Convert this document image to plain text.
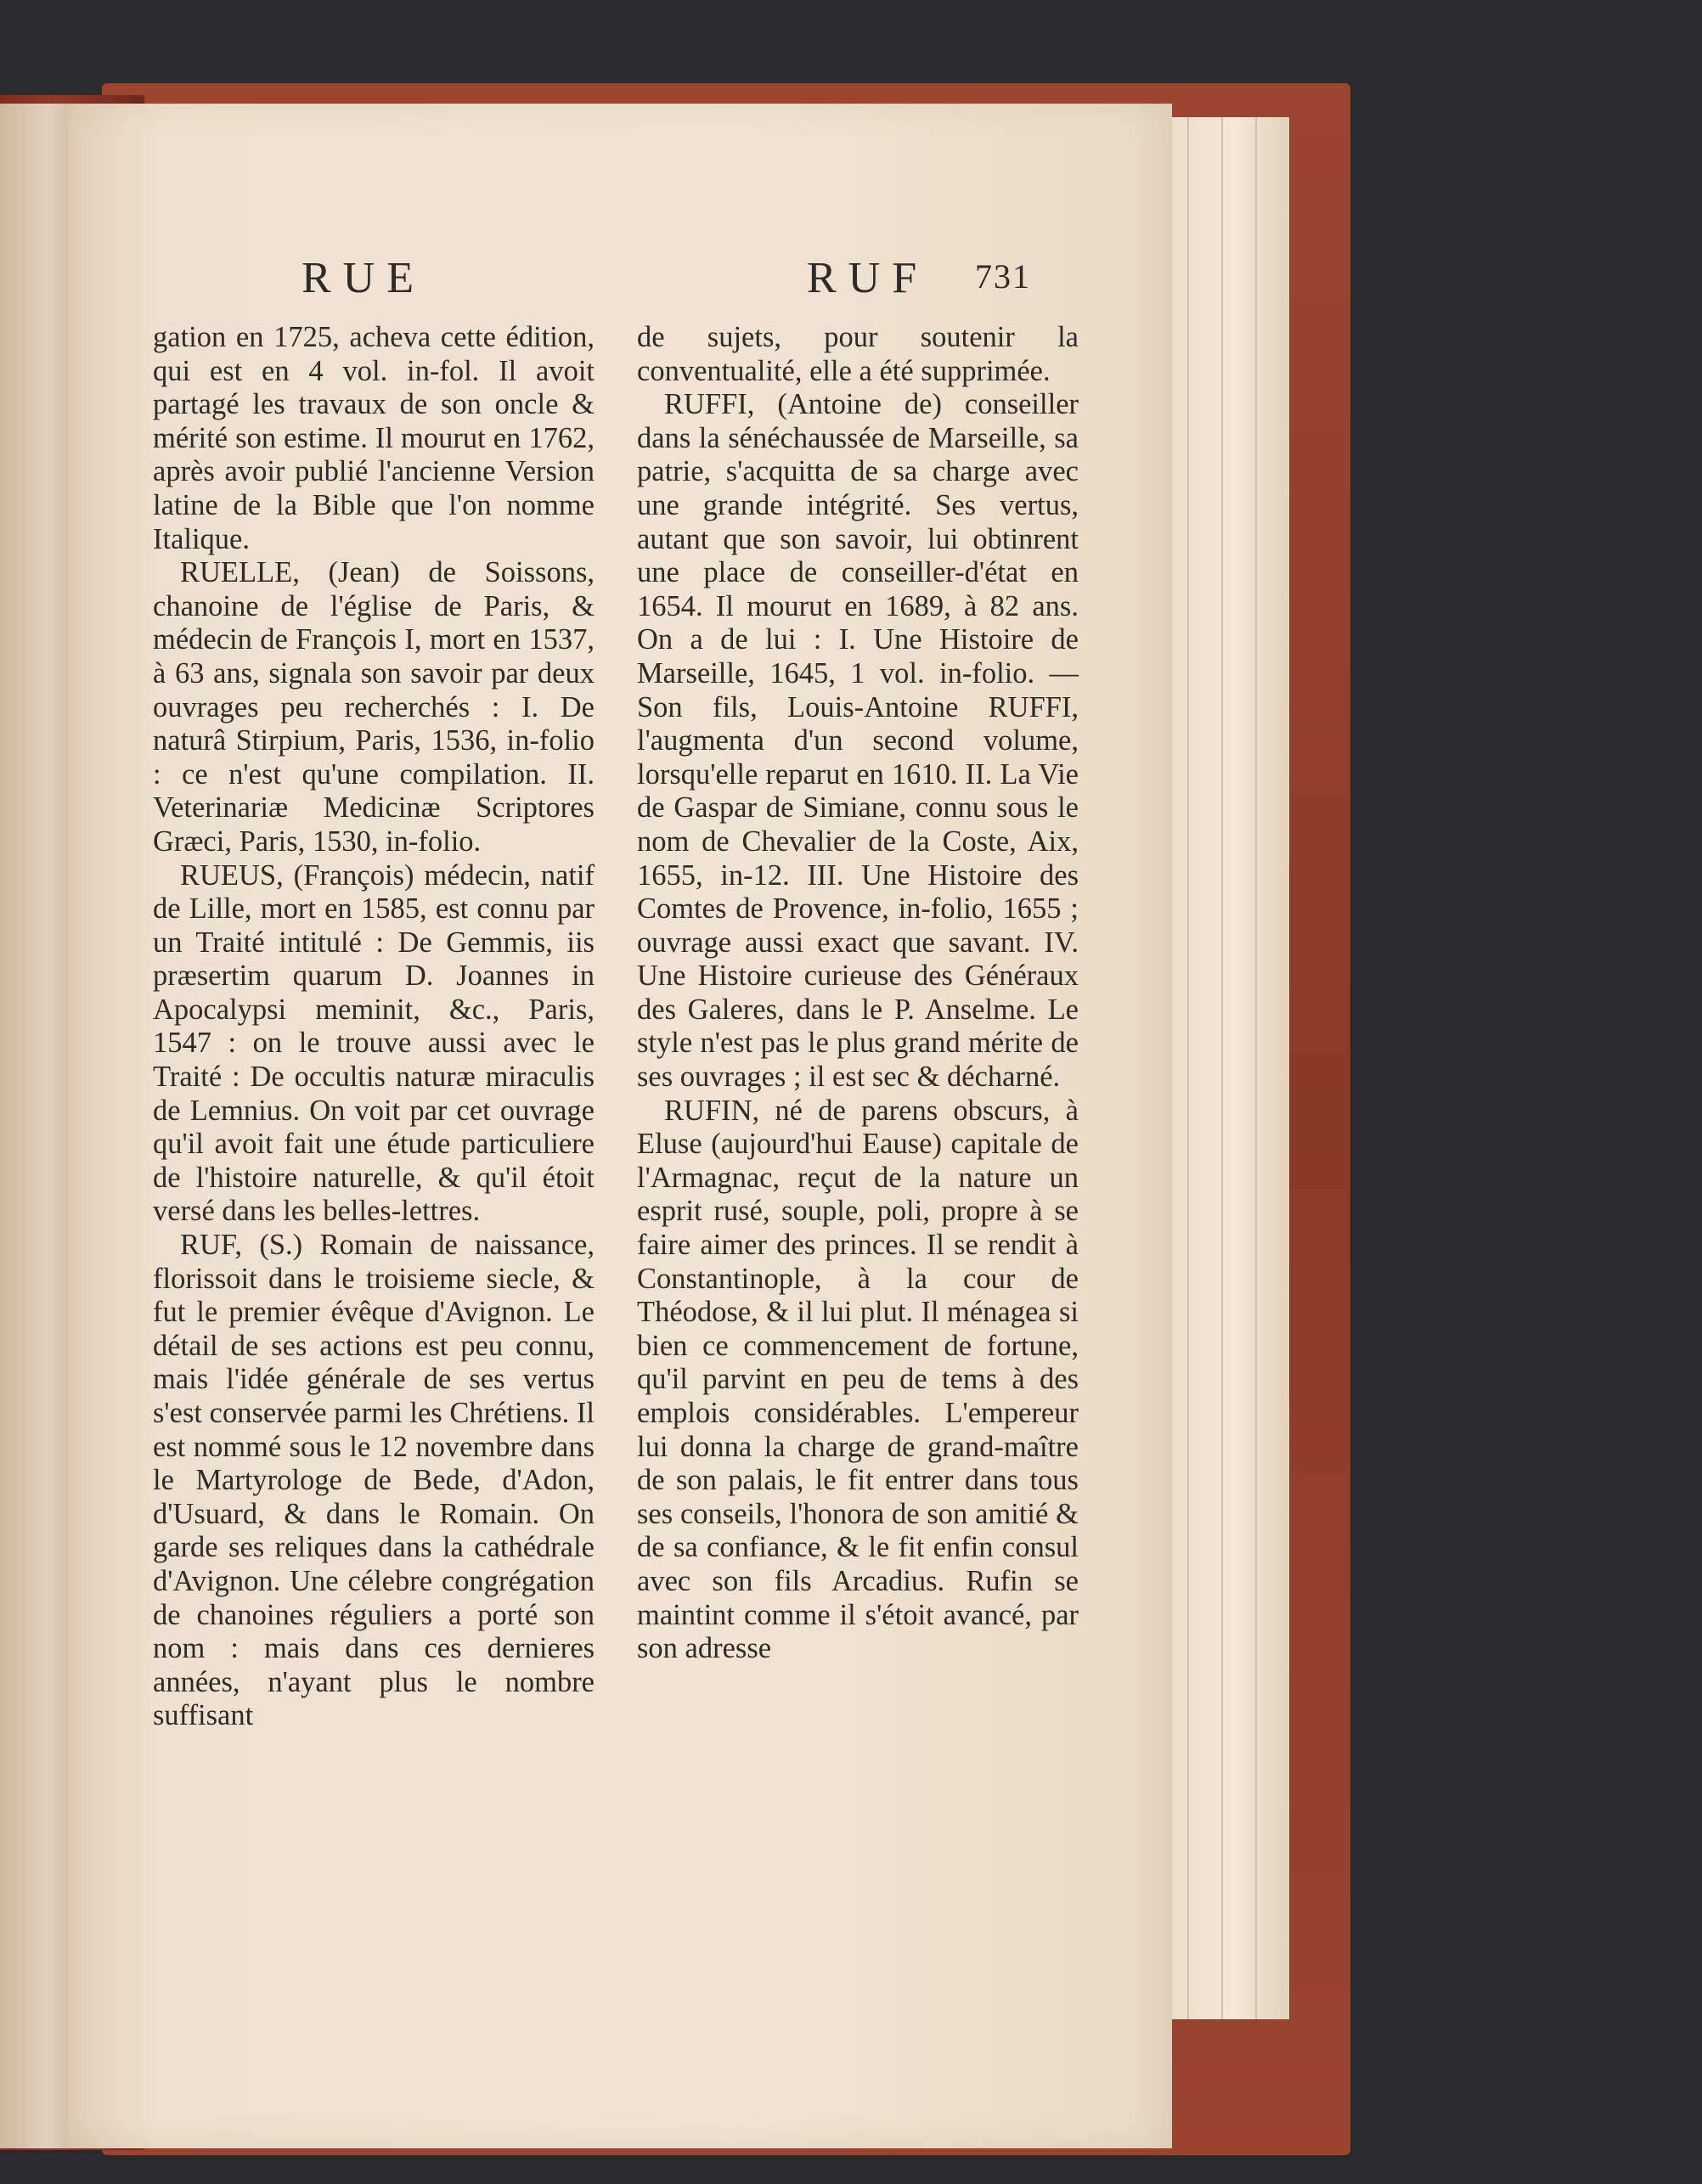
RUE	RUF 731

gation en 1725, acheva cette édition, qui est en 4 vol. in-fol. Il avoit partagé les travaux de son oncle & mérité son estime. Il mourut en 1762, après avoir publié l'ancienne Version latine de la Bible que l'on nomme Italique.

RUELLE, (Jean) de Soissons, chanoine de l'église de Paris, & médecin de François I, mort en 1537, à 63 ans, signala son savoir par deux ouvrages peu recherchés : I. De naturâ Stirpium, Paris, 1536, in-folio : ce n'est qu'une compilation. II. Veterinariæ Medicinæ Scriptores Græci, Paris, 1530, in-folio.

RUEUS, (François) médecin, natif de Lille, mort en 1585, est connu par un Traité intitulé : De Gemmis, iis præsertim quarum D. Joannes in Apocalypsi meminit, &c., Paris, 1547 : on le trouve aussi avec le Traité : De occultis naturæ miraculis de Lemnius. On voit par cet ouvrage qu'il avoit fait une étude particuliere de l'histoire naturelle, & qu'il étoit versé dans les belles-lettres.

RUF, (S.) Romain de naissance, florissoit dans le troisieme siecle, & fut le premier évêque d'Avignon. Le détail de ses actions est peu connu, mais l'idée générale de ses vertus s'est conservée parmi les Chrétiens. Il est nommé sous le 12 novembre dans le Martyrologe de Bede, d'Adon, d'Usuard, & dans le Romain. On garde ses reliques dans la cathédrale d'Avignon. Une célebre congrégation de chanoines réguliers a porté son nom : mais dans ces dernieres années, n'ayant plus le nombre suffisant

de sujets, pour soutenir la conventualité, elle a été supprimée.

RUFFI, (Antoine de) conseiller dans la sénéchaussée de Marseille, sa patrie, s'acquitta de sa charge avec une grande intégrité. Ses vertus, autant que son savoir, lui obtinrent une place de conseiller-d'état en 1654. Il mourut en 1689, à 82 ans. On a de lui : I. Une Histoire de Marseille, 1645, 1 vol. in-folio. — Son fils, Louis-Antoine RUFFI, l'augmenta d'un second volume, lorsqu'elle reparut en 1610. II. La Vie de Gaspar de Simiane, connu sous le nom de Chevalier de la Coste, Aix, 1655, in-12. III. Une Histoire des Comtes de Provence, in-folio, 1655 ; ouvrage aussi exact que savant. IV. Une Histoire curieuse des Généraux des Galeres, dans le P. Anselme. Le style n'est pas le plus grand mérite de ses ouvrages ; il est sec & décharné.

RUFIN, né de parens obscurs, à Eluse (aujourd'hui Eause) capitale de l'Armagnac, reçut de la nature un esprit rusé, souple, poli, propre à se faire aimer des princes. Il se rendit à Constantinople, à la cour de Théodose, & il lui plut. Il ménagea si bien ce commencement de fortune, qu'il parvint en peu de tems à des emplois considérables. L'empereur lui donna la charge de grand-maître de son palais, le fit entrer dans tous ses conseils, l'honora de son amitié & de sa confiance, & le fit enfin consul avec son fils Arcadius. Rufin se maintint comme il s'étoit avancé, par son adresse
